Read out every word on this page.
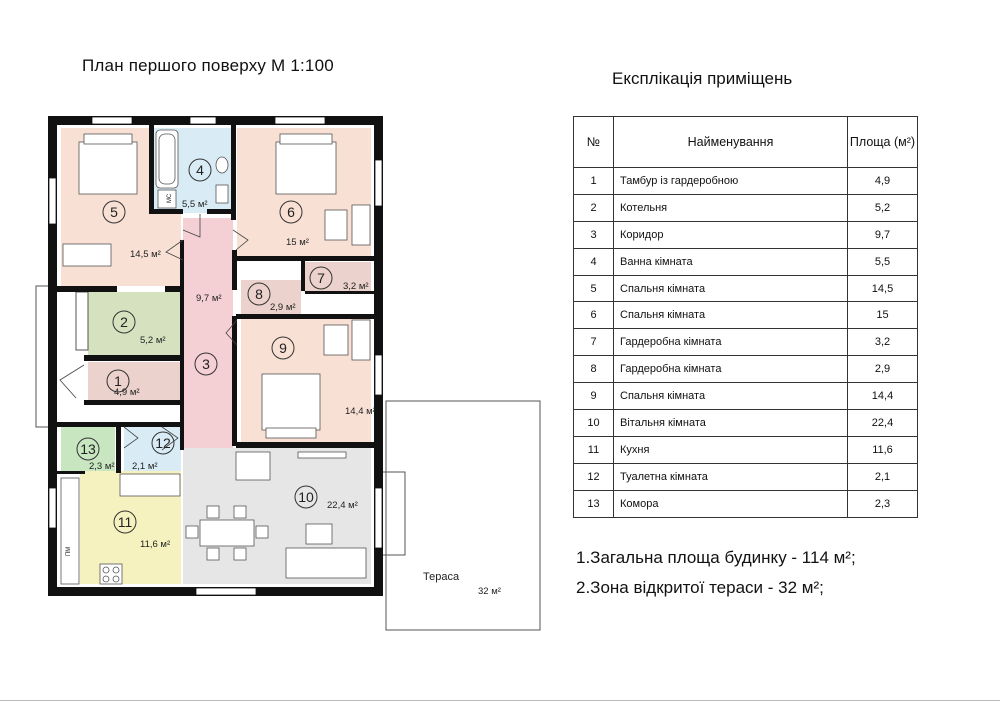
План першого поверху М 1:100
Експлікація приміщень
Тераса
32 м²
МС
ПМ
1
4,9 м²
2
5,2 м²
3
9,7 м²
4
5,5 м²
5
14,5 м²
6
15 м²
7
3,2 м²
8
2,9 м²
9
14,4 м²
10
22,4 м²
11
11,6 м²
12
2,1 м²
13
2,3 м²
№	Найменування	Площа (м²)
1	Тамбур із гардеробною	4,9
2	Котельня	5,2
3	Коридор	9,7
4	Ванна кімната	5,5
5	Спальня кімната	14,5
6	Спальня кімната	15
7	Гардеробна кімната	3,2
8	Гардеробна кімната	2,9
9	Спальня кімната	14,4
10	Вітальня кімната	22,4
11	Кухня	11,6
12	Туалетна кімната	2,1
13	Комора	2,3
1.Загальна площа будинку - 114 м²;
2.Зона відкритої тераси - 32 м²;
